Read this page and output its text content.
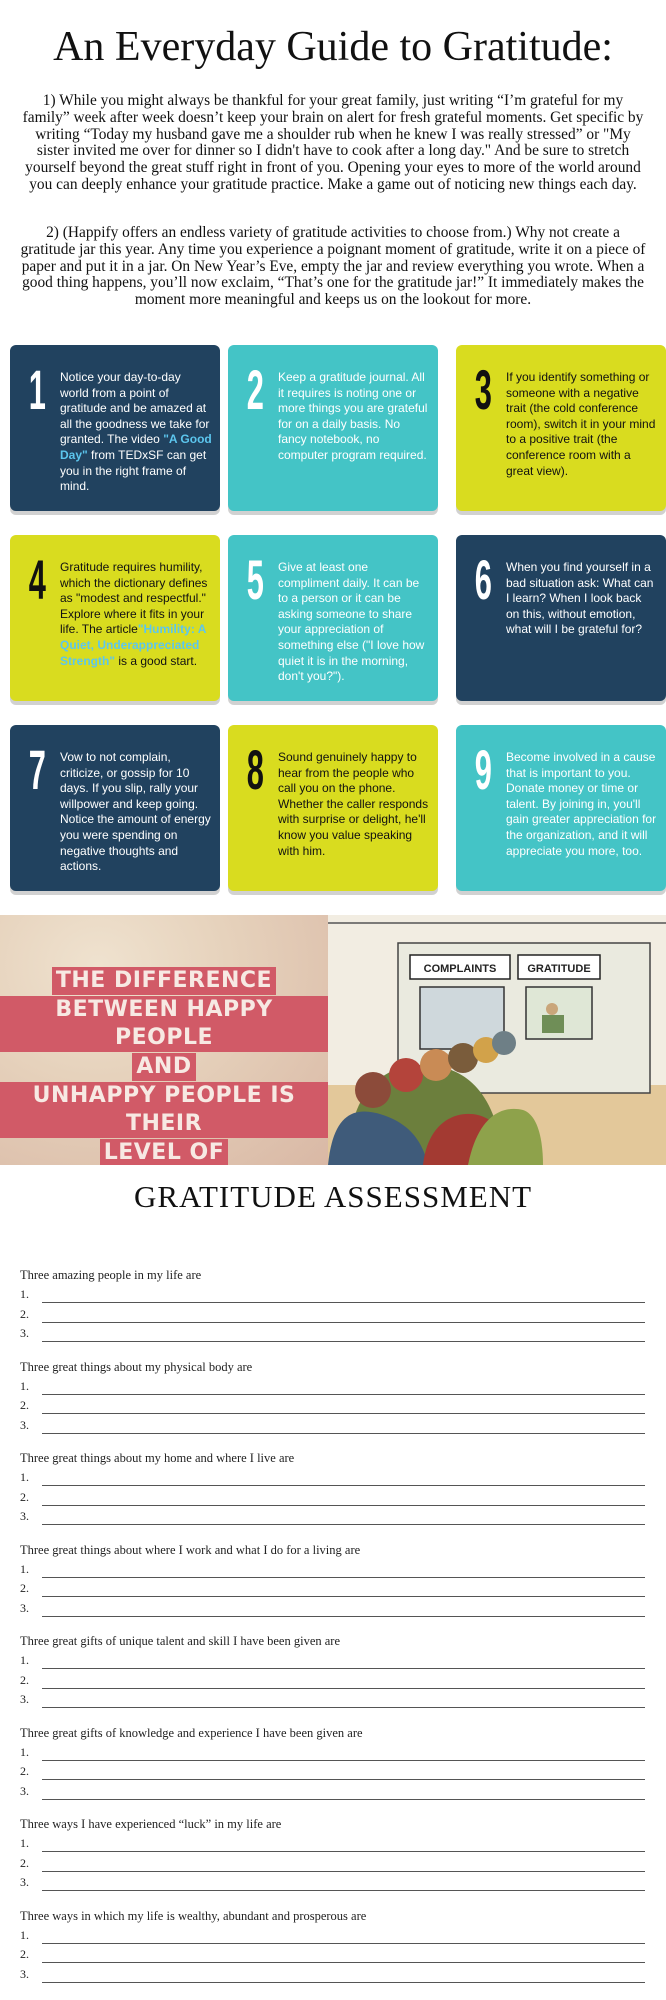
An Everyday Guide to Gratitude:

1) While you might always be thankful for your great family, just writing “I’m grateful for my family” week after week doesn’t keep your brain on alert for fresh grateful moments. Get specific by writing “Today my husband gave me a shoulder rub when he knew I was really stressed” or "My sister invited me over for dinner so I didn't have to cook after a long day." And be sure to stretch yourself beyond the great stuff right in front of you. Opening your eyes to more of the world around you can deeply enhance your gratitude practice. Make a game out of noticing new things each day.

2) (Happify offers an endless variety of gratitude activities to choose from.) Why not create a gratitude jar this year. Any time you experience a poignant moment of gratitude, write it on a piece of paper and put it in a jar. On New Year’s Eve, empty the jar and review everything you wrote. When a good thing happens, you’ll now exclaim, “That’s one for the gratitude jar!” It immediately makes the moment more meaningful and keeps us on the lookout for more.

1 Notice your day-to-day world from a point of gratitude and be amazed at all the goodness we take for granted. The video "A Good Day" from TEDxSF can get you in the right frame of mind.

2 Keep a gratitude journal. All it requires is noting one or more things you are grateful for on a daily basis. No fancy notebook, no computer program required.

3 If you identify something or someone with a negative trait (the cold conference room), switch it in your mind to a positive trait (the conference room with a great view).

4 Gratitude requires humility, which the dictionary defines as "modest and respectful." Explore where it fits in your life. The article"Humility: A Quiet, Underappreciated Strength" is a good start.

5 Give at least one compliment daily. It can be to a person or it can be asking someone to share your appreciation of something else ("I love how quiet it is in the morning, don't you?").

6 When you find yourself in a bad situation ask: What can I learn? When I look back on this, without emotion, what will I be grateful for?

7 Vow to not complain, criticize, or gossip for 10 days. If you slip, rally your willpower and keep going. Notice the amount of energy you were spending on negative thoughts and actions.

8 Sound genuinely happy to hear from the people who call you on the phone. Whether the caller responds with surprise or delight, he'll know you value speaking with him.

9 Become involved in a cause that is important to you. Donate money or time or talent. By joining in, you'll gain greater appreciation for the organization, and it will appreciate you more, too.

THE DIFFERENCE
BETWEEN HAPPY PEOPLE
AND
UNHAPPY PEOPLE IS THEIR
LEVEL OF
COMPLAINTS	GRATITUDE
GRATITUDE ASSESSMENT

Three amazing people in my life are

1.
2.
3.

Three great things about my physical body are

1.
2.
3.

Three great things about my home and where I live are

1.
2.
3.

Three great things about where I work and what I do for a living are

1.
2.
3.

Three great gifts of unique talent and skill I have been given are

1.
2.
3.

Three great gifts of knowledge and experience I have been given are

1.
2.
3.

Three ways I have experienced “luck” in my life are

1.
2.
3.

Three ways in which my life is wealthy, abundant and prosperous are

1.
2.
3.
